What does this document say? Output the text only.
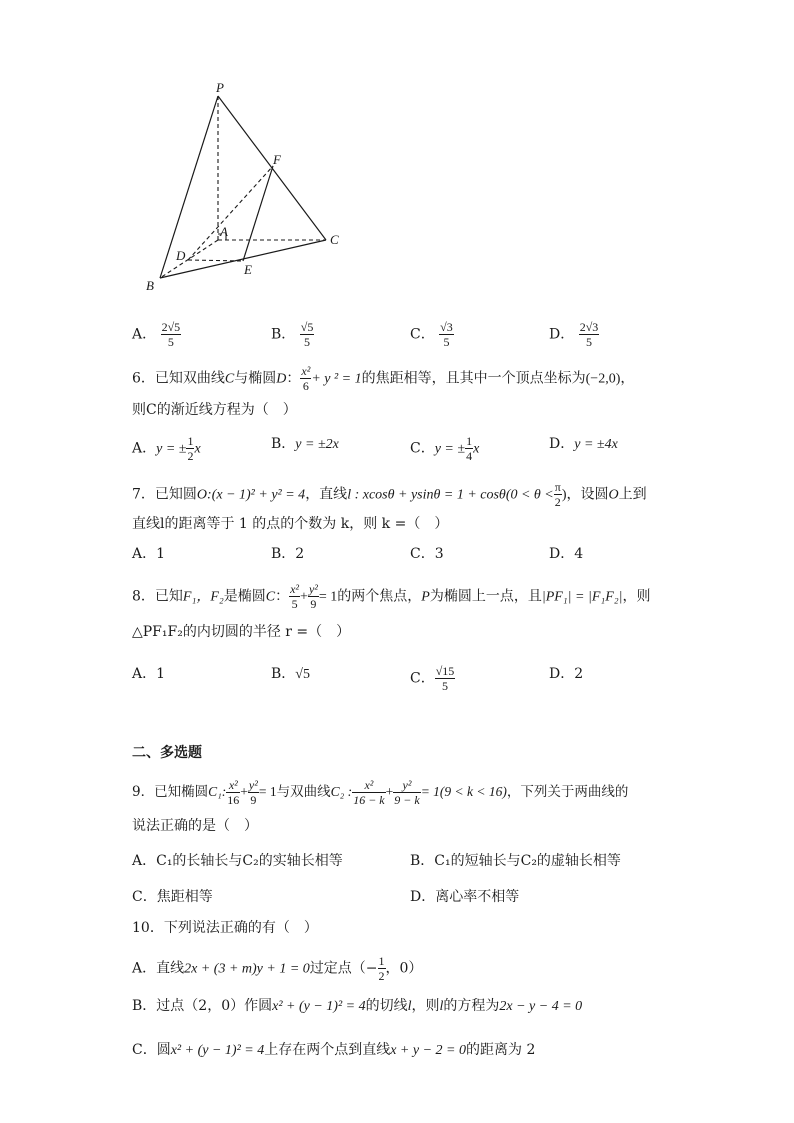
P
F
A
C
D
E
B
A． $\frac{2√5}{5}$	B． $\frac{√5}{5}$	C． $\frac{√3}{5}$	D． $\frac{2√3}{5}$
6．已知双曲线C与椭圆D： $\frac{\text{x²}}{6} + y$ ² = 1的焦距相等，且其中一个顶点坐标为(−2,0)，
则C的渐近线方程为（　）
A．y = ± $\frac{1}{2}$ x	B．y = ±2x	C．y = ± $\frac{1}{4}$ x	D．y = ±4x
7．已知圆O:(x − 1)² + y² = 4，直线l : $xcos\theta + ysin\theta = 1 + \cos\theta(0 < \theta < \frac{\pi}{2}$ )，设圆O上到
直线l的距离等于 1 的点的个数为 k，则 k =（　）
A．1	B．2	C．3	D．4
8．已知F₁，F₂是椭圆C： $\frac{\text{x²}}{5} + \frac{\text{y²}}{9} = 1$的两个焦点，P为椭圆上一点，且|PF₁| = |F₁F₂|，则
△PF₁F₂的内切圆的半径 r =（　）
A．1	B．√5	C． $\frac{√15}{5}$	D．2
二、多选题
9．已知椭圆C₁: $\frac{\text{x²}}{16} + \frac{\text{y²}}{9} = 1$与双曲线C₂ : $\frac{\text{x²}}{16 - k} + \frac{\text{y²}}{9 - k} = 1(9 < k < 16)$，下列关于两曲线的
说法正确的是（　）
A．C₁的长轴长与C₂的实轴长相等	B．C₁的短轴长与C₂的虚轴长相等
C．焦距相等	D．离心率不相等
10．下列说法正确的有（　）
A．直线2x + (3 + m)y + 1 = 0过定点（− $\frac{1}{2}$ ，0）
B．过点（2，0）作圆x² + (y − 1)² = 4的切线l，则l的方程为2x − y − 4 = 0
C．圆x² + (y − 1)² = 4上存在两个点到直线x + y − 2 = 0的距离为 2
